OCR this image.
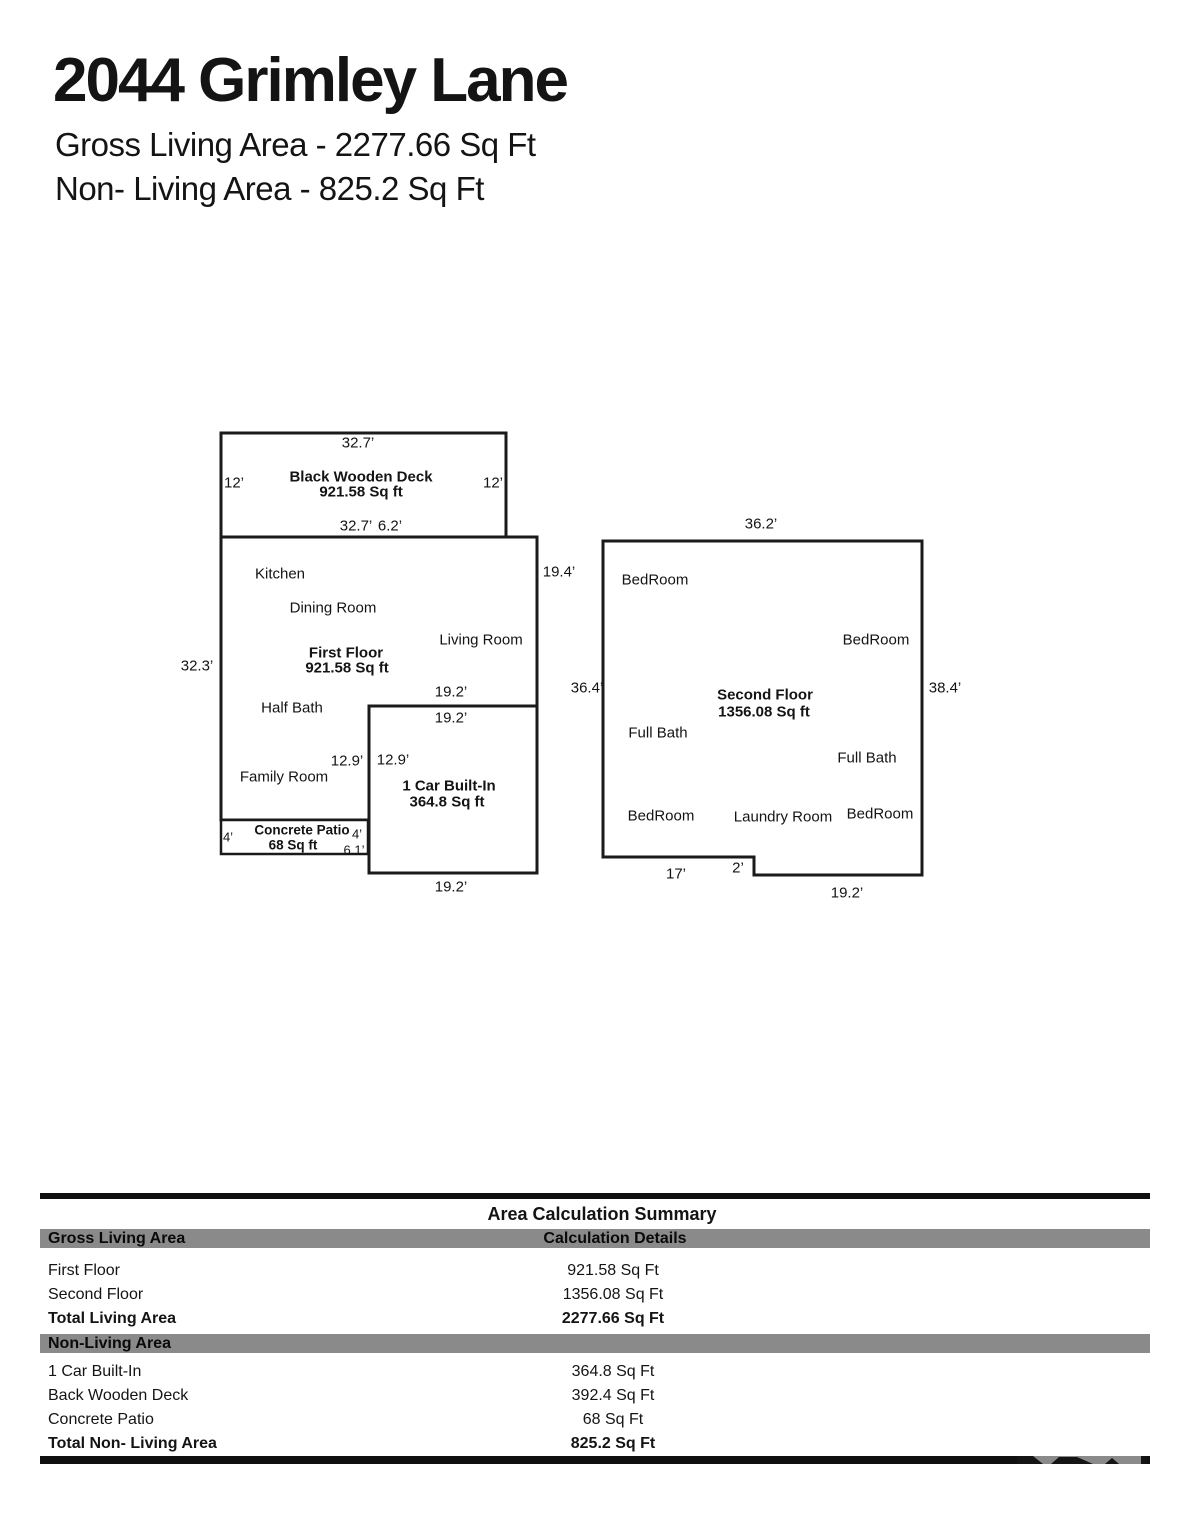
2044 Grimley Lane
Gross Living Area - 2277.66 Sq Ft
Non- Living Area - 825.2 Sq Ft
32.7’
Black Wooden Deck
921.58 Sq ft
12’	12’
32.7’ 6.2’
Kitchen
Dining Room
Living Room
First Floor
921.58 Sq ft
32.3’
19.4’
19.2’
Half Bath
12.9’
Family Room
19.2’
12.9’
1 Car Built-In
364.8 Sq ft
19.2’
4’ Concrete Patio 4’
68 Sq ft 6.1’
36.2’
BedRoom
BedRoom
36.4’	38.4’
Second Floor
1356.08 Sq ft
Full Bath
Full Bath
BedRoom	Laundry Room BedRoom
17’	2’
19.2’
Area Calculation Summary
Gross Living Area	Calculation Details
First Floor	921.58 Sq Ft
Second Floor	1356.08 Sq Ft
Total Living Area	2277.66 Sq Ft
Non-Living Area
1 Car Built-In	364.8 Sq Ft
Back Wooden Deck	392.4 Sq Ft
Concrete Patio	68 Sq Ft
Total Non- Living Area	825.2 Sq Ft
